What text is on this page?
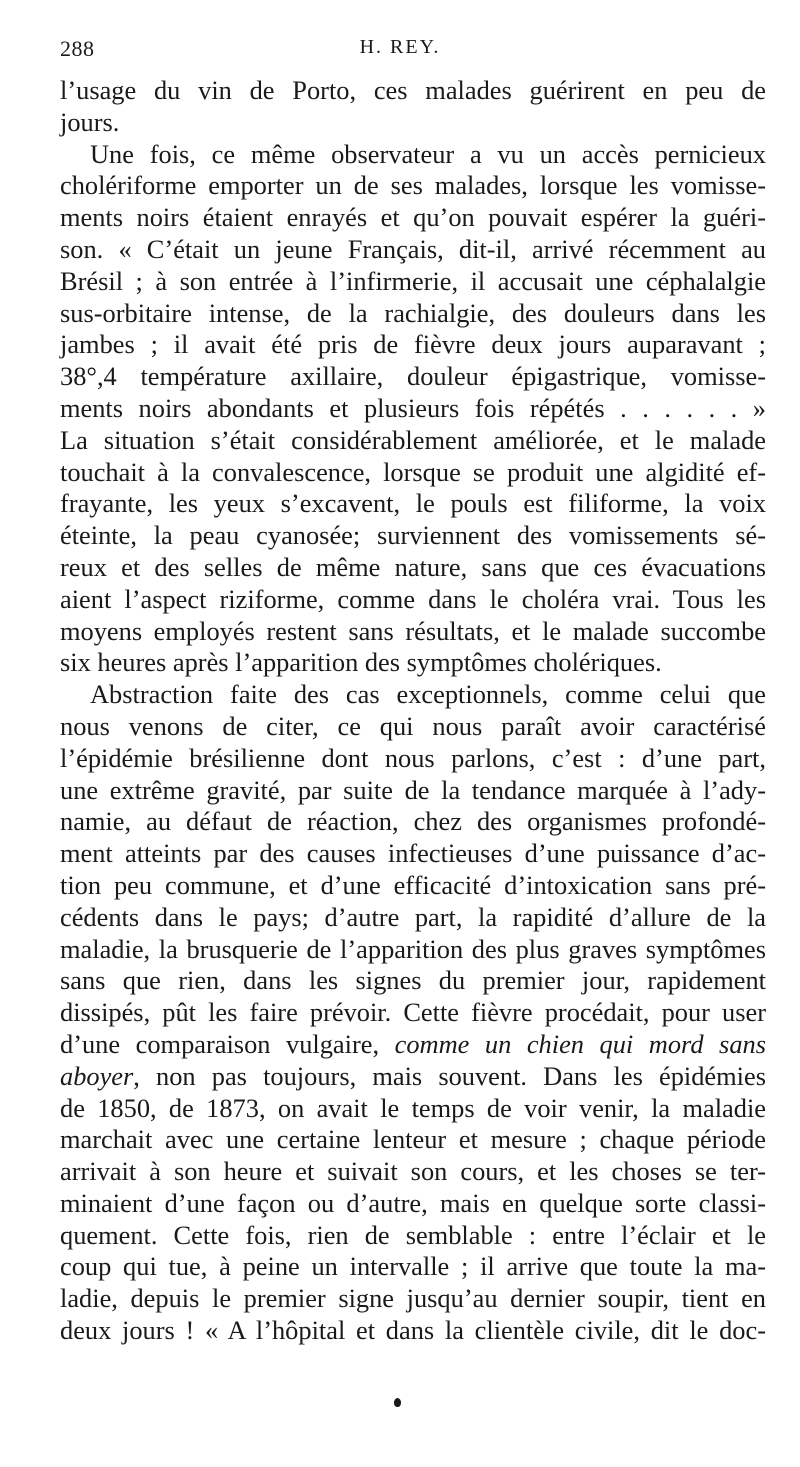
288	H. REY.
l’usage du vin de Porto, ces malades guérirent en peu de
jours.
Une fois, ce même observateur a vu un accès pernicieux
cholériforme emporter un de ses malades, lorsque les vomisse-
ments noirs étaient enrayés et qu’on pouvait espérer la guéri-
son. « C’était un jeune Français, dit-il, arrivé récemment au
Brésil ; à son entrée à l’infirmerie, il accusait une céphalalgie
sus-orbitaire intense, de la rachialgie, des douleurs dans les
jambes ; il avait été pris de fièvre deux jours auparavant ;
38°,4 température axillaire, douleur épigastrique, vomisse-
ments noirs abondants et plusieurs fois répétés . . . . . . »
La situation s’était considérablement améliorée, et le malade
touchait à la convalescence, lorsque se produit une algidité ef-
frayante, les yeux s’excavent, le pouls est filiforme, la voix
éteinte, la peau cyanosée; surviennent des vomissements sé-
reux et des selles de même nature, sans que ces évacuations
aient l’aspect riziforme, comme dans le choléra vrai. Tous les
moyens employés restent sans résultats, et le malade succombe
six heures après l’apparition des symptômes cholériques.
Abstraction faite des cas exceptionnels, comme celui que
nous venons de citer, ce qui nous paraît avoir caractérisé
l’épidémie brésilienne dont nous parlons, c’est : d’une part,
une extrême gravité, par suite de la tendance marquée à l’ady-
namie, au défaut de réaction, chez des organismes profondé-
ment atteints par des causes infectieuses d’une puissance d’ac-
tion peu commune, et d’une efficacité d’intoxication sans pré-
cédents dans le pays; d’autre part, la rapidité d’allure de la
maladie, la brusquerie de l’apparition des plus graves symptômes
sans que rien, dans les signes du premier jour, rapidement
dissipés, pût les faire prévoir. Cette fièvre procédait, pour user
d’une comparaison vulgaire, comme un chien qui mord sans
aboyer, non pas toujours, mais souvent. Dans les épidémies
de 1850, de 1873, on avait le temps de voir venir, la maladie
marchait avec une certaine lenteur et mesure ; chaque période
arrivait à son heure et suivait son cours, et les choses se ter-
minaient d’une façon ou d’autre, mais en quelque sorte classi-
quement. Cette fois, rien de semblable : entre l’éclair et le
coup qui tue, à peine un intervalle ; il arrive que toute la ma-
ladie, depuis le premier signe jusqu’au dernier soupir, tient en
deux jours ! « A l’hôpital et dans la clientèle civile, dit le doc-
